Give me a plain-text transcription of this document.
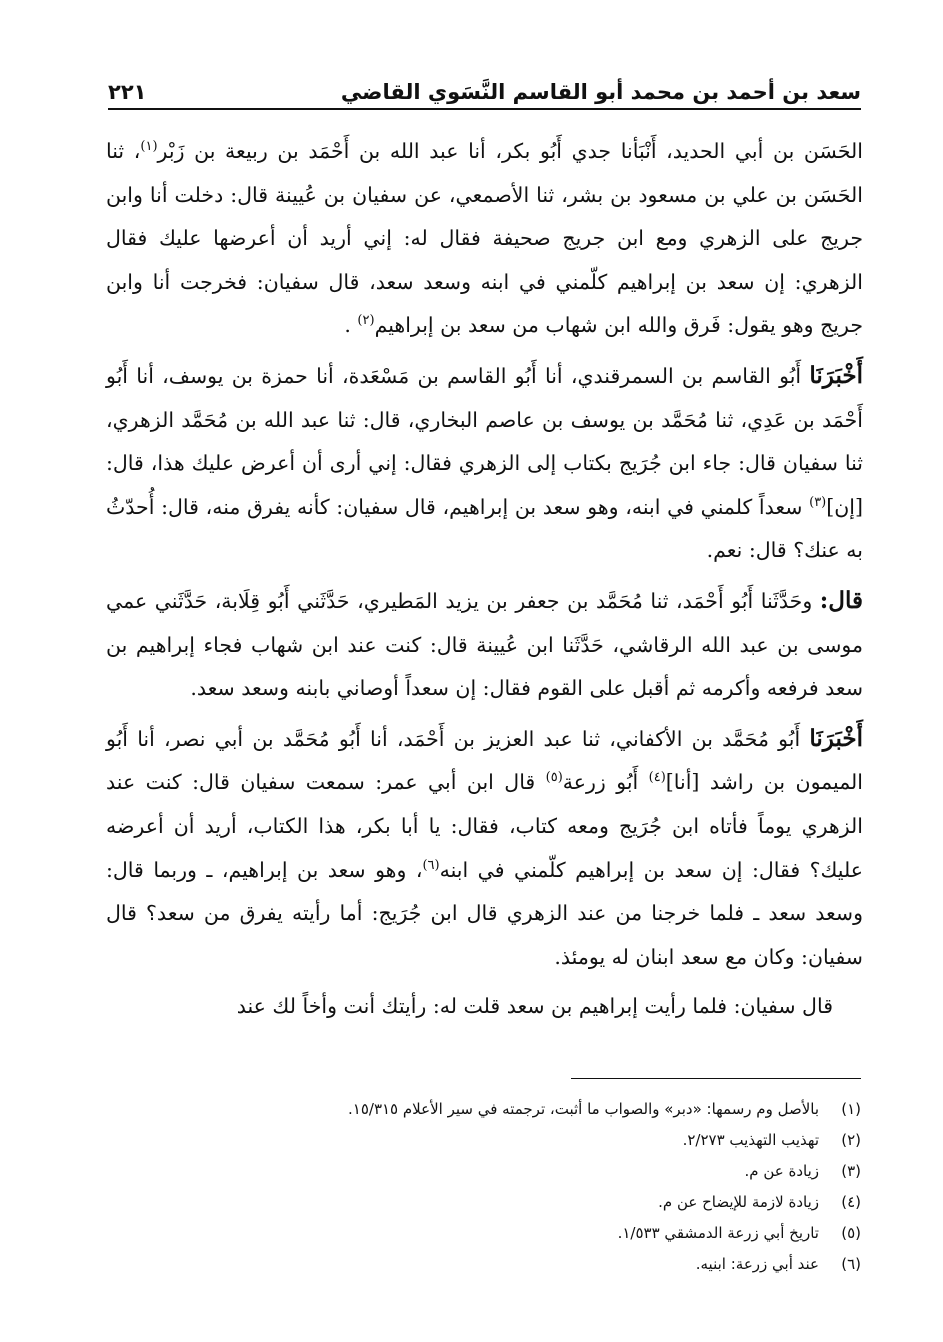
سعد بن أحمد بن محمد أبو القاسم النَّسَوي القاضي
٢٢١

الحَسَن بن أبي الحديد، أَنْبَأنا جدي أَبُو بكر، أنا عبد الله بن أَحْمَد بن ربيعة بن زَبْر$^{(١)}$، ثنا الحَسَن بن علي بن مسعود بن بشر، ثنا الأصمعي، عن سفيان بن عُيينة قال: دخلت أنا وابن جريج على الزهري ومع ابن جريج صحيفة فقال له: إني أريد أن أعرضها عليك فقال الزهري: إن سعد بن إبراهيم كلّمني في ابنه وسعد سعد، قال سفيان: فخرجت أنا وابن جريج وهو يقول: فَرق والله ابن شهاب من سعد بن إبراهيم$^{(٢)}$ .

أَخْبَرَنَا أَبُو القاسم بن السمرقندي، أنا أَبُو القاسم بن مَسْعَدة، أنا حمزة بن يوسف، أنا أَبُو أَحْمَد بن عَدِي، ثنا مُحَمَّد بن يوسف بن عاصم البخاري، قال: ثنا عبد الله بن مُحَمَّد الزهري، ثنا سفيان قال: جاء ابن جُرَيج بكتاب إلى الزهري فقال: إني أرى أن أعرض عليك هذا، قال: [إن]$^{(٣)}$ سعداً كلمني في ابنه، وهو سعد بن إبراهيم، قال سفيان: كأنه يفرق منه، قال: أُحدّثُ به عنك؟ قال: نعم.

قال: وحَدَّثَنا أَبُو أَحْمَد، ثنا مُحَمَّد بن جعفر بن يزيد المَطيري، حَدَّثَني أَبُو قِلَابة، حَدَّثَني عمي موسى بن عبد الله الرقاشي، حَدَّثَنا ابن عُيينة قال: كنت عند ابن شهاب فجاء إبراهيم بن سعد فرفعه وأكرمه ثم أقبل على القوم فقال: إن سعداً أوصاني بابنه وسعد سعد.

أَخْبَرَنَا أَبُو مُحَمَّد بن الأكفاني، ثنا عبد العزيز بن أَحْمَد، أنا أَبُو مُحَمَّد بن أبي نصر، أنا أَبُو الميمون بن راشد [أنا]$^{(٤)}$ أَبُو زرعة$^{(٥)}$ قال ابن أبي عمر: سمعت سفيان قال: كنت عند الزهري يوماً فأتاه ابن جُرَيج ومعه كتاب، فقال: يا أبا بكر، هذا الكتاب، أريد أن أعرضه عليك؟ فقال: إن سعد بن إبراهيم كلّمني في ابنه$^{(٦)}$، وهو سعد بن إبراهيم، ـ وربما قال: وسعد سعد ـ فلما خرجنا من عند الزهري قال ابن جُرَيج: أما رأيته يفرق من سعد؟ قال سفيان: وكان مع سعد ابنان له يومئذ.

قال سفيان: فلما رأيت إبراهيم بن سعد قلت له: رأيتك أنت وأخاً لك عند

(١)
بالأصل وم رسمها: «دبر» والصواب ما أثبت، ترجمته في سير الأعلام ١٥/٣١٥.
(٢)
تهذيب التهذيب ٢/٢٧٣.
(٣)
زيادة عن م.
(٤)
زيادة لازمة للإيضاح عن م.
(٥)
تاريخ أبي زرعة الدمشقي ١/٥٣٣.
(٦)
عند أبي زرعة: ابنيه.
